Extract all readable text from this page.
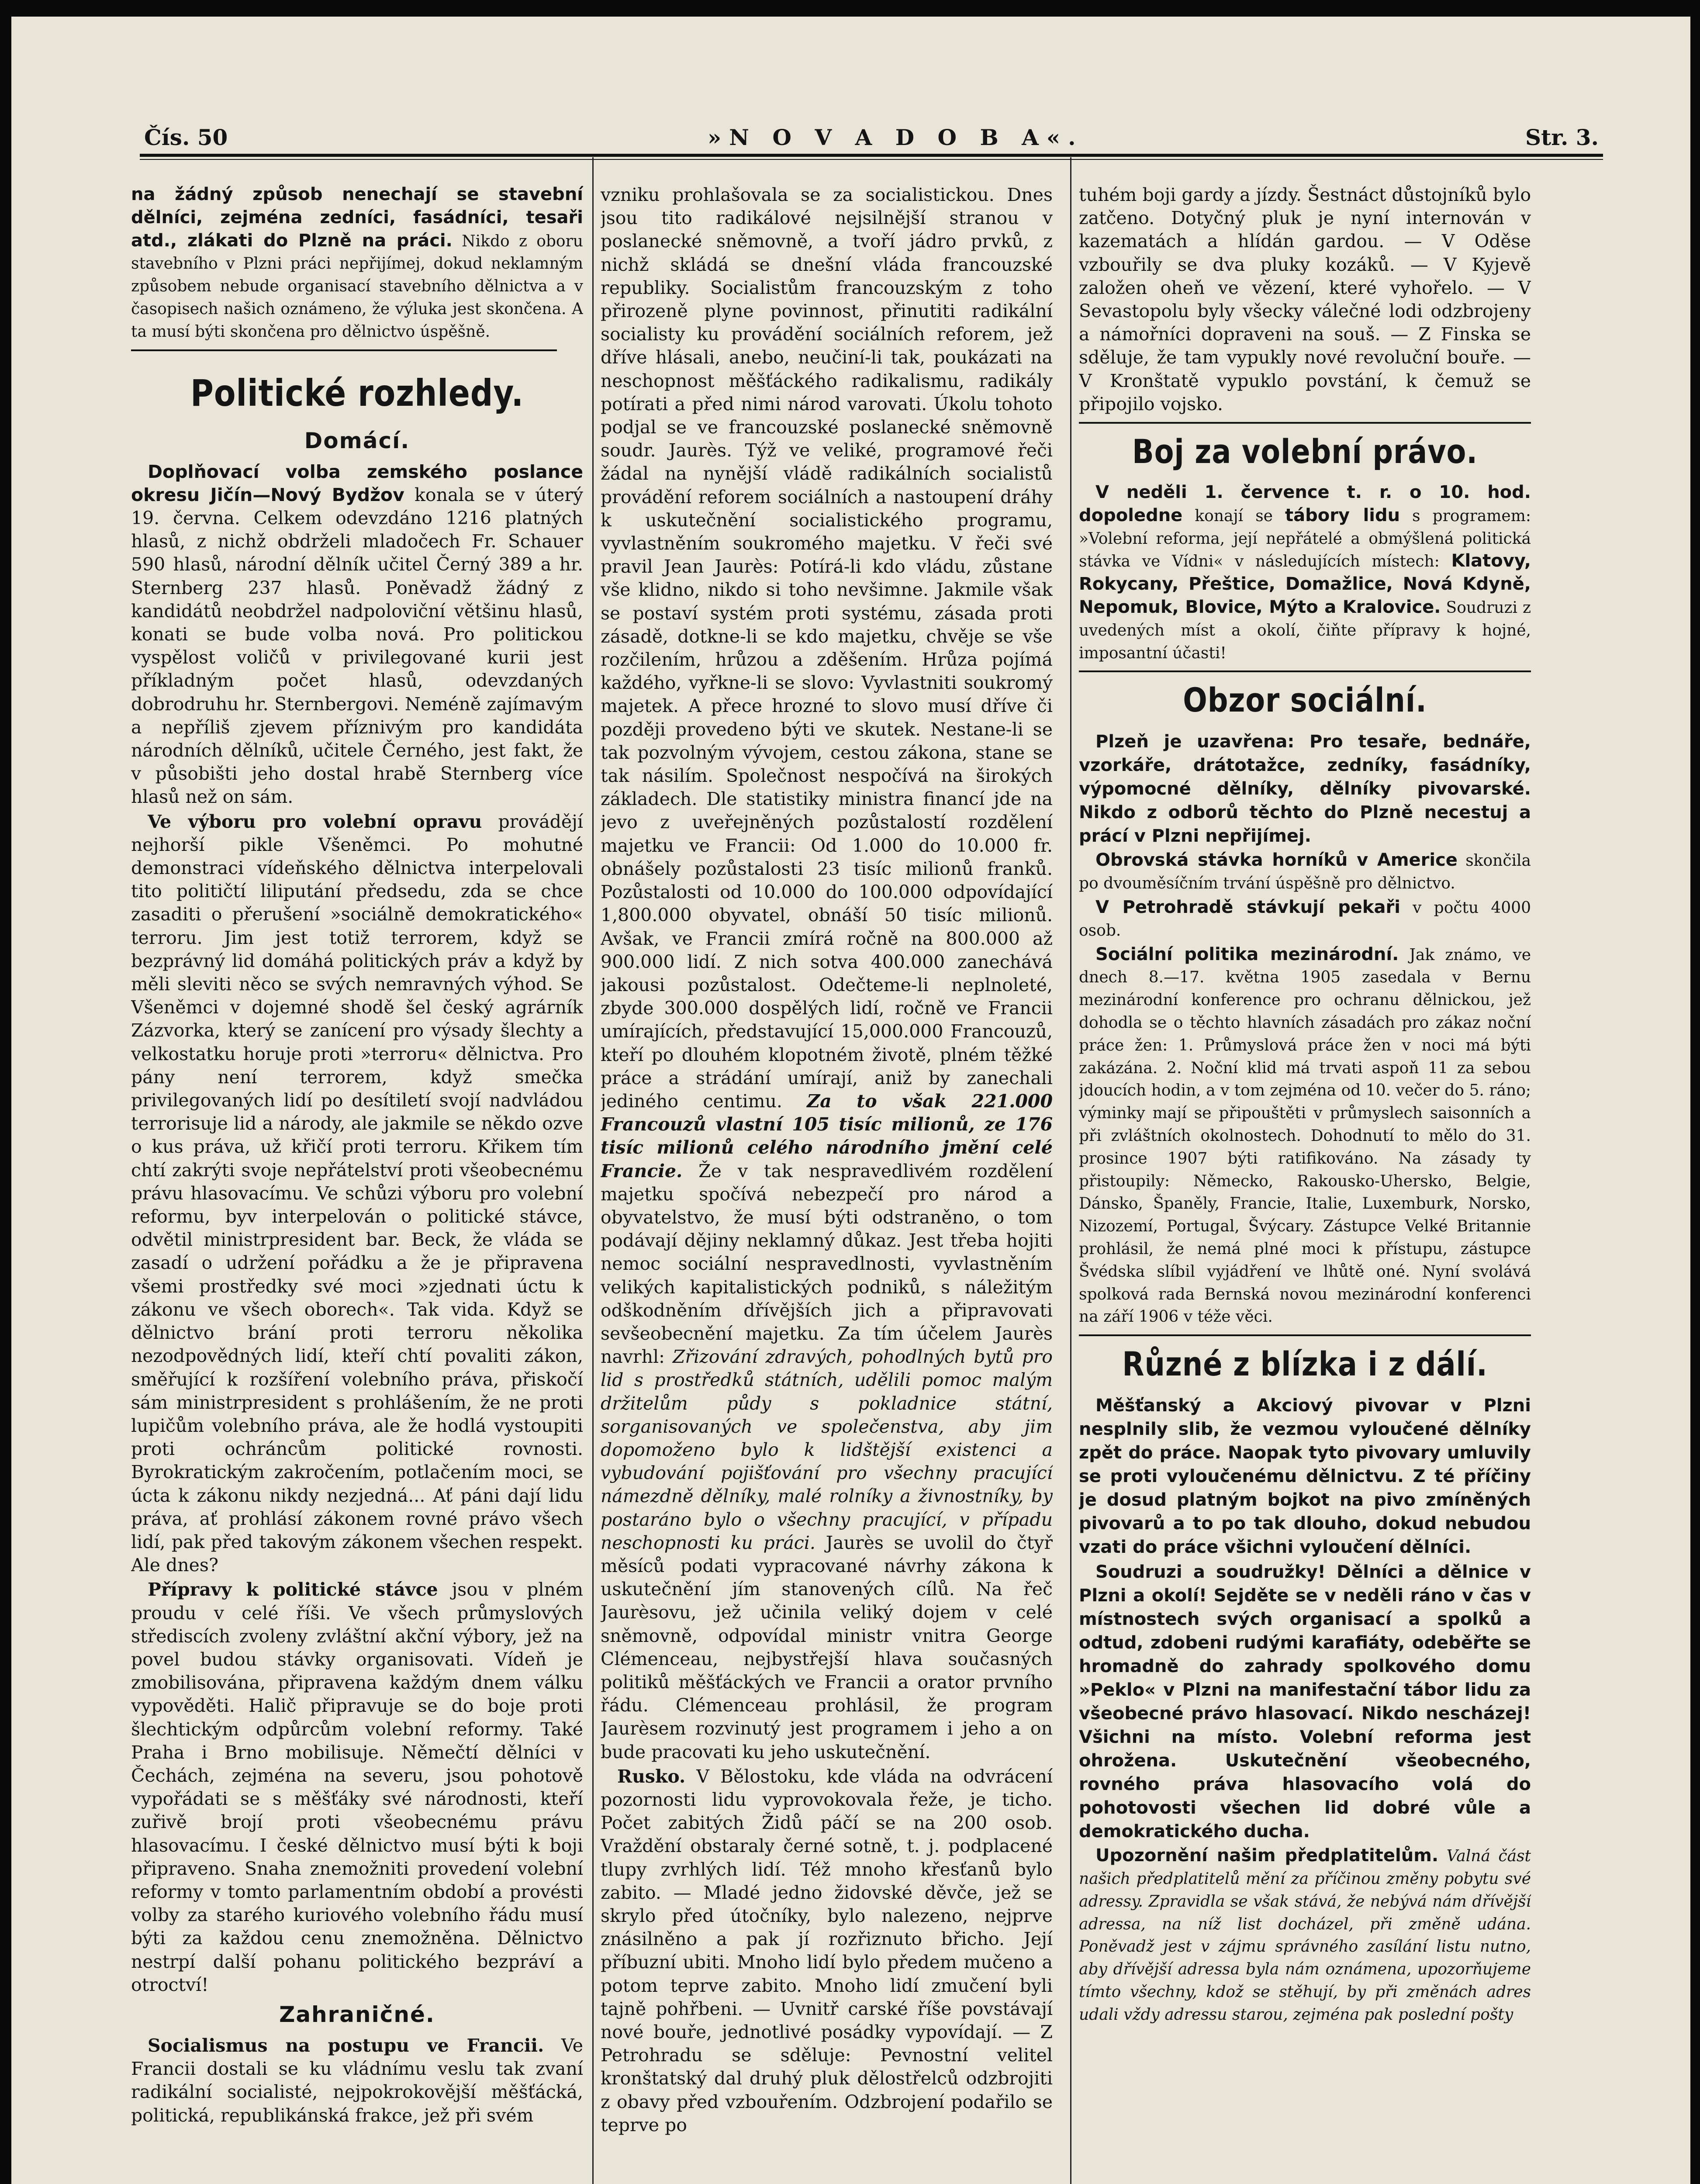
Čís. 50	»N O V A D O B A«.	Str. 3.

na žádný způsob nenechají se stavební dělníci, zejména zedníci, fasádníci, tesaři atd., zlákati do Plzně na práci. Nikdo z oboru stavebního v Plzni práci nepřijímej, dokud neklamným způsobem nebude organisací stavebního dělnictva a v časopisech našich oznámeno, že výluka jest skončena. A ta musí býti skončena pro dělnictvo úspěšně.

Politické rozhledy.
Domácí.

Doplňovací volba zemského poslance okresu Jičín—Nový Bydžov konala se v úterý 19. června. Celkem odevzdáno 1216 platných hlasů, z nichž obdrželi mladočech Fr. Schauer 590 hlasů, národní dělník učitel Černý 389 a hr. Sternberg 237 hlasů. Poněvadž žádný z kandidátů neobdržel nadpoloviční většinu hlasů, konati se bude volba nová. Pro politickou vyspělost voličů v privilegované kurii jest příkladným počet hlasů, odevzdaných dobrodruhu hr. Sternbergovi. Neméně zajímavým a nepříliš zjevem příznivým pro kandidáta národních dělníků, učitele Černého, jest fakt, že v působišti jeho dostal hrabě Sternberg více hlasů než on sám.

Ve výboru pro volební opravu provádějí nejhorší pikle Všeněmci. Po mohutné demonstraci vídeňského dělnictva interpelovali tito političtí liliputání předsedu, zda se chce zasaditi o přerušení »sociálně demokratického« terroru. Jim jest totiž terrorem, když se bezprávný lid domáhá politických práv a když by měli sleviti něco se svých nemravných výhod. Se Všeněmci v dojemné shodě šel český agrárník Zázvorka, který se zanícení pro výsady šlechty a velkostatku horuje proti »terroru« dělnictva. Pro pány není terrorem, když smečka privilegovaných lidí po desítiletí svojí nadvládou terrorisuje lid a národy, ale jakmile se někdo ozve o kus práva, už křičí proti terroru. Křikem tím chtí zakrýti svoje nepřátelství proti všeobecnému právu hlasovacímu. Ve schůzi výboru pro volební reformu, byv interpelován o politické stávce, odvětil ministrpresident bar. Beck, že vláda se zasadí o udržení pořádku a že je připravena všemi prostředky své moci »zjednati úctu k zákonu ve všech oborech«. Tak vida. Když se dělnictvo brání proti terroru několika nezodpovědných lidí, kteří chtí povaliti zákon, směřující k rozšíření volebního práva, přiskočí sám ministrpresident s prohlášením, že ne proti lupičům volebního práva, ale že hodlá vystoupiti proti ochráncům politické rovnosti. Byrokratickým zakročením, potlačením moci, se úcta k zákonu nikdy nezjedná... Ať páni dají lidu práva, ať prohlásí zákonem rovné právo všech lidí, pak před takovým zákonem všechen respekt. Ale dnes?

Přípravy k politické stávce jsou v plném proudu v celé říši. Ve všech průmyslových střediscích zvoleny zvláštní akční výbory, jež na povel budou stávky organisovati. Vídeň je zmobilisována, připravena každým dnem válku vypověděti. Halič připravuje se do boje proti šlechtickým odpůrcům volební reformy. Také Praha i Brno mobilisuje. Němečtí dělníci v Čechách, zejména na severu, jsou pohotově vypořádati se s měšťáky své národnosti, kteří zuřivě brojí proti všeobecnému právu hlasovacímu. I české dělnictvo musí býti k boji připraveno. Snaha znemožniti provedení volební reformy v tomto parlamentním období a provésti volby za starého kuriového volebního řádu musí býti za každou cenu znemožněna. Dělnictvo nestrpí další pohanu politického bezpráví a otroctví!

Zahraničné.

Socialismus na postupu ve Francii. Ve Francii dostali se ku vládnímu veslu tak zvaní radikální socialisté, nejpokrokovější měšťácká, politická, republikánská frakce, jež při svém

vzniku prohlašovala se za socialistickou. Dnes jsou tito radikálové nejsilnější stranou v poslanecké sněmovně, a tvoří jádro prvků, z nichž skládá se dnešní vláda francouzské republiky. Socialistům francouzským z toho přirozeně plyne povinnost, přinutiti radikální socialisty ku provádění sociálních reforem, jež dříve hlásali, anebo, neučiní-li tak, poukázati na neschopnost měšťáckého radikalismu, radikály potírati a před nimi národ varovati. Úkolu tohoto podjal se ve francouzské poslanecké sněmovně soudr. Jaurès. Týž ve veliké, programové řeči žádal na nynější vládě radikálních socialistů provádění reforem sociálních a nastoupení dráhy k uskutečnění socialistického programu, vyvlastněním soukromého majetku. V řeči své pravil Jean Jaurès: Potírá-li kdo vládu, zůstane vše klidno, nikdo si toho nevšimne. Jakmile však se postaví systém proti systému, zásada proti zásadě, dotkne-li se kdo majetku, chvěje se vše rozčilením, hrůzou a zděšením. Hrůza pojímá každého, vyřkne-li se slovo: Vyvlastniti soukromý majetek. A přece hrozné to slovo musí dříve či později provedeno býti ve skutek. Nestane-li se tak pozvolným vývojem, cestou zákona, stane se tak násilím. Společnost nespočívá na širokých základech. Dle statistiky ministra financí jde na jevo z uveřejněných pozůstalostí rozdělení majetku ve Francii: Od 1.000 do 10.000 fr. obnášely pozůstalosti 23 tisíc milionů franků. Pozůstalosti od 10.000 do 100.000 odpovídající 1,800.000 obyvatel, obnáší 50 tisíc milionů. Avšak, ve Francii zmírá ročně na 800.000 až 900.000 lidí. Z nich sotva 400.000 zanechává jakousi pozůstalost. Odečteme-li neplnoleté, zbyde 300.000 dospělých lidí, ročně ve Francii umírajících, představující 15,000.000 Francouzů, kteří po dlouhém klopotném životě, plném těžké práce a strádání umírají, aniž by zanechali jediného centimu. Za to však 221.000 Francouzů vlastní 105 tisíc milionů, ze 176 tisíc milionů celého národního jmění celé Francie. Že v tak nespravedlivém rozdělení majetku spočívá nebezpečí pro národ a obyvatelstvo, že musí býti odstraněno, o tom podávají dějiny neklamný důkaz. Jest třeba hojiti nemoc sociální nespravedlnosti, vyvlastněním velikých kapitalistických podniků, s náležitým odškodněním dřívějších jich a připravovati sevšeobecnění majetku. Za tím účelem Jaurès navrhl: Zřizování zdravých, pohodlných bytů pro lid s prostředků státních, udělili pomoc malým držitelům půdy s pokladnice státní, sorganisovaných ve společenstva, aby jim dopomoženo bylo k lidštější existenci a vybudování pojišťování pro všechny pracující námezdně dělníky, malé rolníky a živnostníky, by postaráno bylo o všechny pracující, v případu neschopnosti ku práci. Jaurès se uvolil do čtyř měsíců podati vypracované návrhy zákona k uskutečnění jím stanovených cílů. Na řeč Jaurèsovu, jež učinila veliký dojem v celé sněmovně, odpovídal ministr vnitra George Clémenceau, nejbystřejší hlava současných politiků měšťáckých ve Francii a orator prvního řádu. Clémenceau prohlásil, že program Jaurèsem rozvinutý jest programem i jeho a on bude pracovati ku jeho uskutečnění.

Rusko. V Bělostoku, kde vláda na odvrácení pozornosti lidu vyprovokovala řeže, je ticho. Počet zabitých Židů páčí se na 200 osob. Vraždění obstaraly černé sotně, t. j. podplacené tlupy zvrhlých lidí. Též mnoho křesťanů bylo zabito. — Mladé jedno židovské děvče, jež se skrylo před útočníky, bylo nalezeno, nejprve znásilněno a pak jí rozřiznuto břicho. Její příbuzní ubiti. Mnoho lidí bylo předem mučeno a potom teprve zabito. Mnoho lidí zmučení byli tajně pohřbeni. — Uvnitř carské říše povstávají nové bouře, jednotlivé posádky vypovídají. — Z Petrohradu se sděluje: Pevnostní velitel kronštatský dal druhý pluk dělostřelců odzbrojiti z obavy před vzbouřením. Odzbrojení podařilo se teprve po

tuhém boji gardy a jízdy. Šestnáct důstojníků bylo zatčeno. Dotyčný pluk je nyní internován v kazematách a hlídán gardou. — V Oděse vzbouřily se dva pluky kozáků. — V Kyjevě založen oheň ve vězení, které vyhořelo. — V Sevastopolu byly všecky válečné lodi odzbrojeny a námořníci dopraveni na souš. — Z Finska se sděluje, že tam vypukly nové revoluční bouře. — V Kronštatě vypuklo povstání, k čemuž se připojilo vojsko.

Boj za volební právo.

V neděli 1. července t. r. o 10. hod. dopoledne konají se tábory lidu s programem: »Volební reforma, její nepřátelé a obmýšlená politická stávka ve Vídni« v následujících místech: Klatovy, Rokycany, Přeštice, Domažlice, Nová Kdyně, Nepomuk, Blovice, Mýto a Kralovice. Soudruzi z uvedených míst a okolí, čiňte přípravy k hojné, imposantní účasti!

Obzor sociální.

Plzeň je uzavřena: Pro tesaře, bednáře, vzorkáře, drátotažce, zedníky, fasádníky, výpomocné dělníky, dělníky pivovarské. Nikdo z odborů těchto do Plzně necestuj a prácí v Plzni nepřijímej.

Obrovská stávka horníků v Americe skončila po dvouměsíčním trvání úspěšně pro dělnictvo.

V Petrohradě stávkují pekaři v počtu 4000 osob.

Sociální politika mezinárodní. Jak známo, ve dnech 8.—17. května 1905 zasedala v Bernu mezinárodní konference pro ochranu dělnickou, jež dohodla se o těchto hlavních zásadách pro zákaz noční práce žen: 1. Průmyslová práce žen v noci má býti zakázána. 2. Noční klid má trvati aspoň 11 za sebou jdoucích hodin, a v tom zejména od 10. večer do 5. ráno; výminky mají se připouštěti v průmyslech saisonních a při zvláštních okolnostech. Dohodnutí to mělo do 31. prosince 1907 býti ratifikováno. Na zásady ty přistoupily: Německo, Rakousko-Uhersko, Belgie, Dánsko, Španěly, Francie, Italie, Luxemburk, Norsko, Nizozemí, Portugal, Švýcary. Zástupce Velké Britannie prohlásil, že nemá plné moci k přístupu, zástupce Švédska slíbil vyjádření ve lhůtě oné. Nyní svolává spolková rada Bernská novou mezinárodní konferenci na září 1906 v téže věci.

Různé z blízka i z dálí.

Měšťanský a Akciový pivovar v Plzni nesplnily slib, že vezmou vyloučené dělníky zpět do práce. Naopak tyto pivovary umluvily se proti vyloučenému dělnictvu. Z té příčiny je dosud platným bojkot na pivo zmíněných pivovarů a to po tak dlouho, dokud nebudou vzati do práce všichni vyloučení dělníci.

Soudruzi a soudružky! Dělníci a dělnice v Plzni a okolí! Sejděte se v neděli ráno v čas v místnostech svých organisací a spolků a odtud, zdobeni rudými karafiáty, odeběřte se hromadně do zahrady spolkového domu »Peklo« v Plzni na manifestační tábor lidu za všeobecné právo hlasovací. Nikdo nescházej! Všichni na místo. Volební reforma jest ohrožena. Uskutečnění všeobecného, rovného práva hlasovacího volá do pohotovosti všechen lid dobré vůle a demokratického ducha.

Upozornění našim předplatitelům. Valná část našich předplatitelů mění za příčinou změny pobytu své adressy. Zpravidla se však stává, že nebývá nám dřívější adressa, na níž list docházel, při změně udána. Poněvadž jest v zájmu správného zasílání listu nutno, aby dřívější adressa byla nám oznámena, upozorňujeme tímto všechny, kdož se stěhují, by při změnách adres udali vždy adressu starou, zejména pak poslední pošty
